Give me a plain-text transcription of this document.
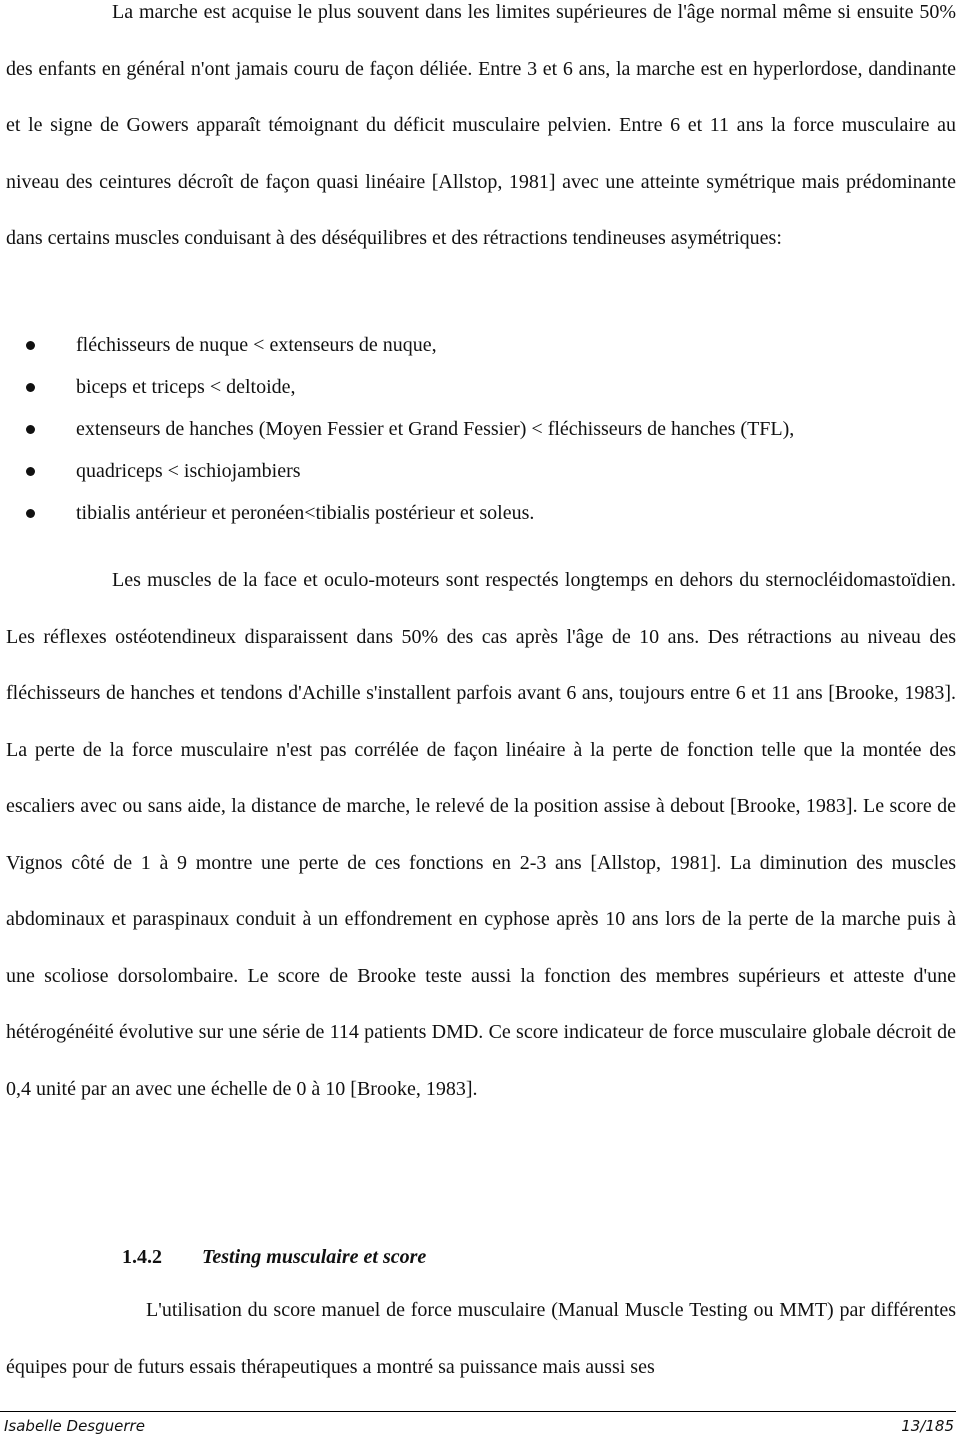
La marche est acquise le plus souvent dans les limites supérieures de l'âge normal même si ensuite 50% des enfants en général n'ont jamais couru de façon déliée. Entre 3 et 6 ans, la marche est en hyperlordose, dandinante et le signe de Gowers apparaît témoignant du déficit musculaire pelvien. Entre 6 et 11 ans la force musculaire au niveau des ceintures décroît de façon quasi linéaire [Allstop, 1981] avec une atteinte symétrique mais prédominante dans certains muscles conduisant à des déséquilibres et des rétractions tendineuses asymétriques:

fléchisseurs de nuque < extenseurs de nuque,
biceps et triceps < deltoide,
extenseurs de hanches (Moyen Fessier et Grand Fessier) < fléchisseurs de hanches (TFL),
quadriceps < ischiojambiers
tibialis antérieur et peronéen<tibialis postérieur et soleus.

Les muscles de la face et oculo-moteurs sont respectés longtemps en dehors du sternocléidomastoïdien. Les réflexes ostéotendineux disparaissent dans 50% des cas après l'âge de 10 ans. Des rétractions au niveau des fléchisseurs de hanches et tendons d'Achille s'installent parfois avant 6 ans, toujours entre 6 et 11 ans [Brooke, 1983]. La perte de la force musculaire n'est pas corrélée de façon linéaire à la perte de fonction telle que la montée des escaliers avec ou sans aide, la distance de marche, le relevé de la position assise à debout [Brooke, 1983]. Le score de Vignos côté de 1 à 9 montre une perte de ces fonctions en 2-3 ans [Allstop, 1981]. La diminution des muscles abdominaux et paraspinaux conduit à un effondrement en cyphose après 10 ans lors de la perte de la marche puis à une scoliose dorsolombaire. Le score de Brooke teste aussi la fonction des membres supérieurs et atteste d'une hétérogénéité évolutive sur une série de 114 patients DMD. Ce score indicateur de force musculaire globale décroit de 0,4 unité par an avec une échelle de 0 à 10 [Brooke, 1983].

1.4.2 Testing musculaire et score

L'utilisation du score manuel de force musculaire (Manual Muscle Testing ou MMT) par différentes équipes pour de futurs essais thérapeutiques a montré sa puissance mais aussi ses

Isabelle Desguerre	13/185
